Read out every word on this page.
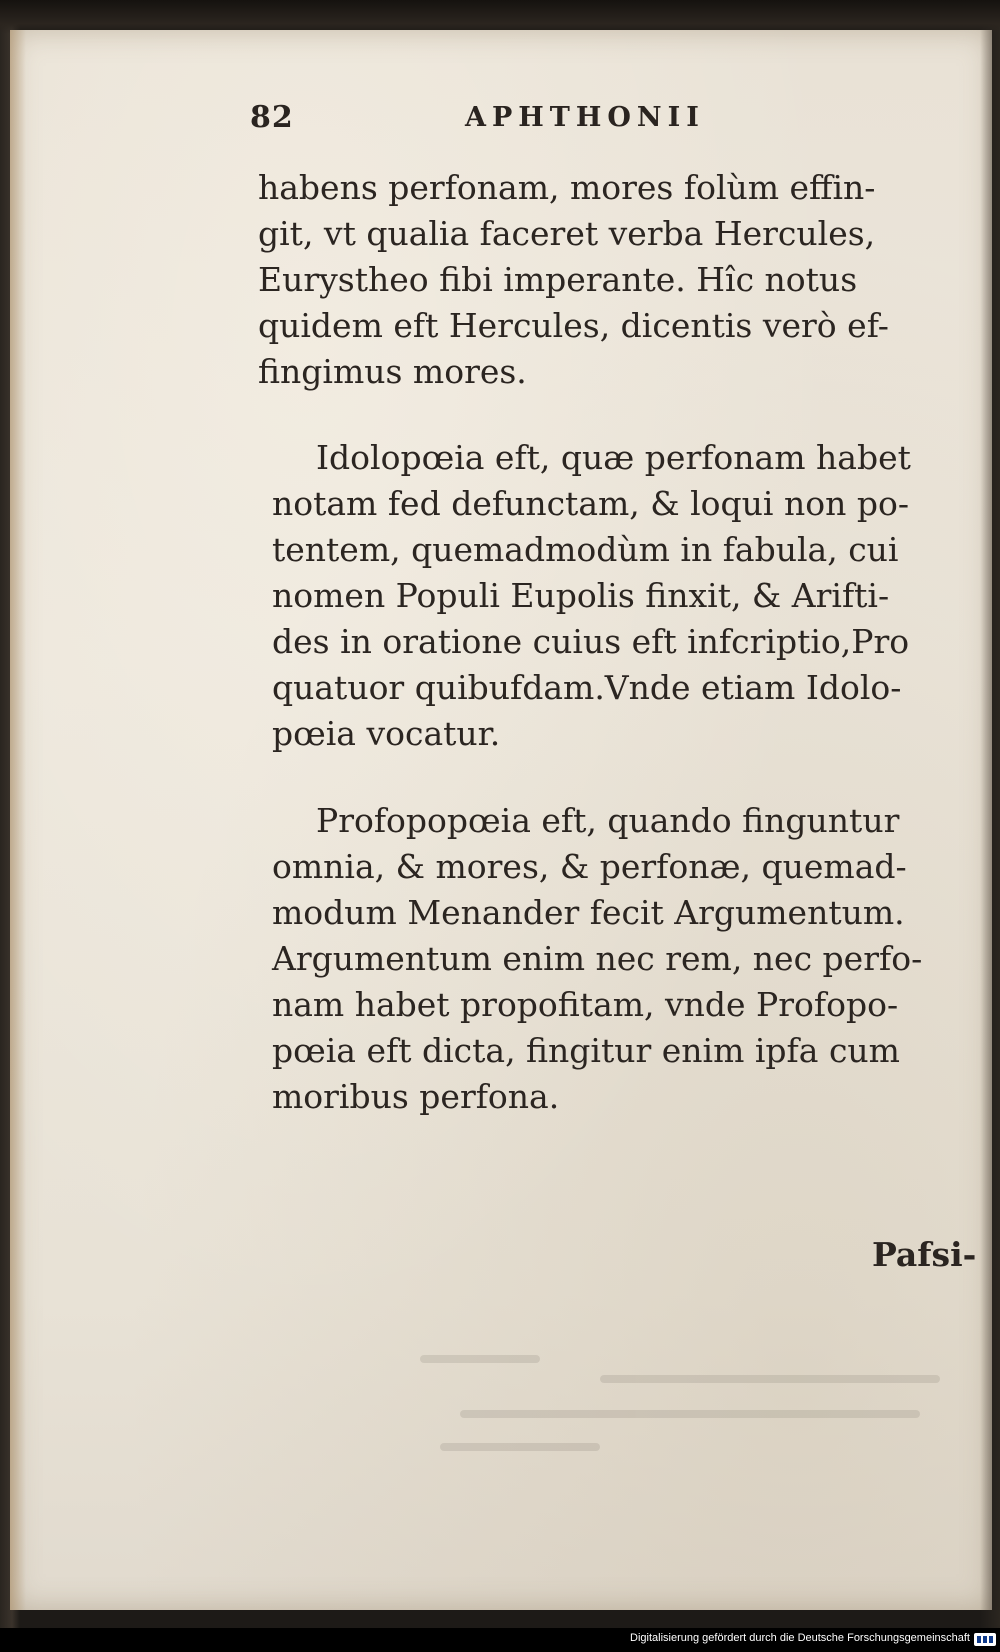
82	APHTHONII
habens perfonam, mores folùm effin-
git, vt qualia faceret verba Hercules,
Eurystheo fibi imperante. Hîc notus
quidem eft Hercules, dicentis verò ef-
fingimus mores.
Idolopœia eft, quæ perfonam habet
notam fed defunctam, & loqui non po-
tentem, quemadmodùm in fabula, cui
nomen Populi Eupolis finxit, & Arifti-
des in oratione cuius eft infcriptio,Pro
quatuor quibufdam.Vnde etiam Idolo-
pœia vocatur.
Profopopœia eft, quando finguntur
omnia, & mores, & perfonæ, quemad-
modum Menander fecit Argumentum.
Argumentum enim nec rem, nec perfo-
nam habet propofitam, vnde Profopo-
pœia eft dicta, fingitur enim ipfa cum
moribus perfona.
Pafsi-
Digitalisierung gefördert durch die Deutsche Forschungsgemeinschaft
